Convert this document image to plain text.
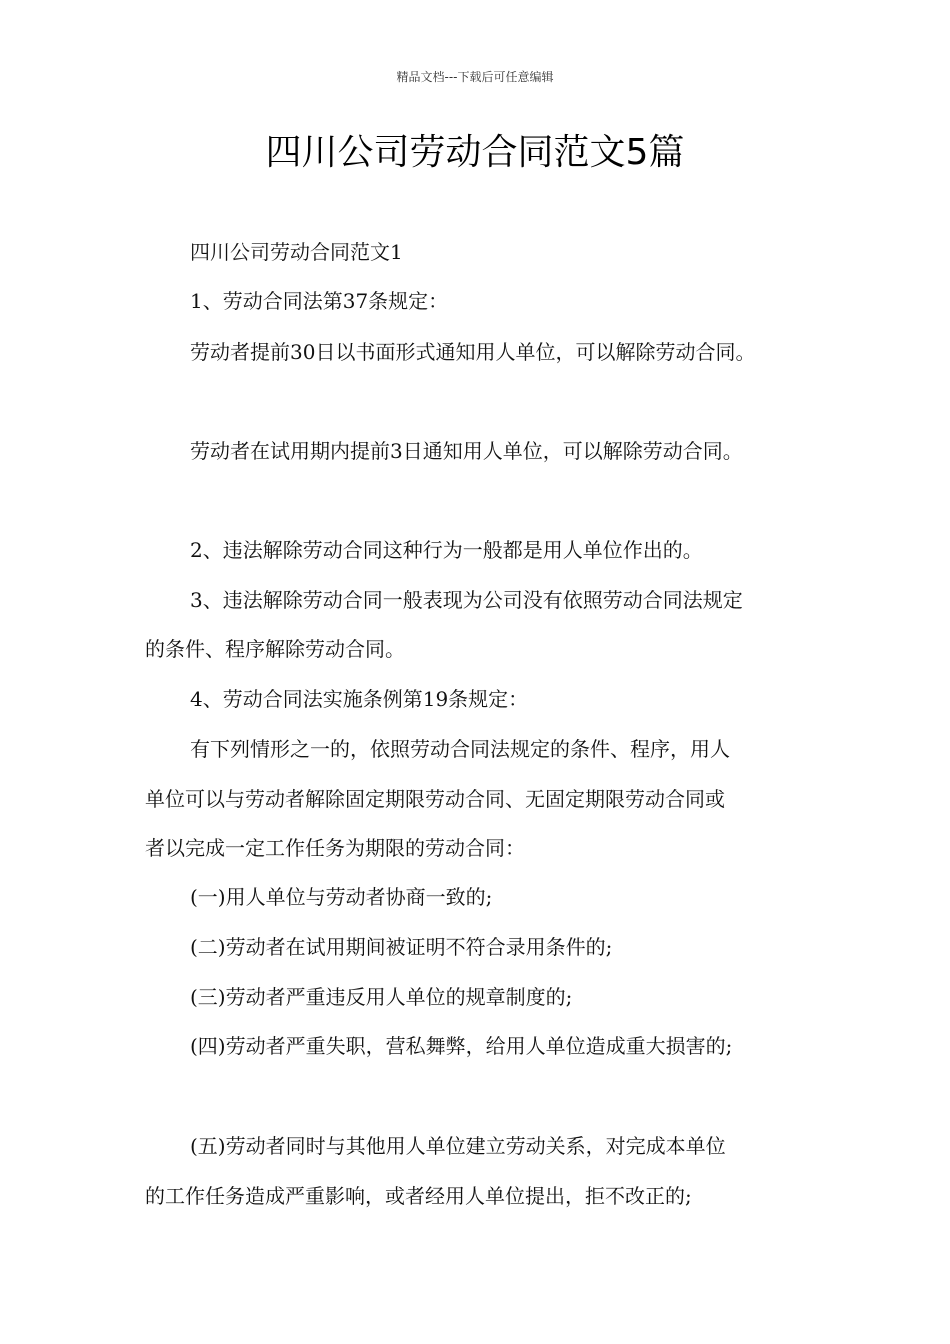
精品文档---下载后可任意编辑
四川公司劳动合同范文5篇
四川公司劳动合同范文1
1、劳动合同法第37条规定：
劳动者提前30日以书面形式通知用人单位，可以解除劳动合同。
劳动者在试用期内提前3日通知用人单位，可以解除劳动合同。
2、违法解除劳动合同这种行为一般都是用人单位作出的。
3、违法解除劳动合同一般表现为公司没有依照劳动合同法规定
的条件、程序解除劳动合同。
4、劳动合同法实施条例第19条规定：
有下列情形之一的，依照劳动合同法规定的条件、程序，用人
单位可以与劳动者解除固定期限劳动合同、无固定期限劳动合同或
者以完成一定工作任务为期限的劳动合同：
(一)用人单位与劳动者协商一致的;
(二)劳动者在试用期间被证明不符合录用条件的;
(三)劳动者严重违反用人单位的规章制度的;
(四)劳动者严重失职，营私舞弊，给用人单位造成重大损害的;
(五)劳动者同时与其他用人单位建立劳动关系，对完成本单位
的工作任务造成严重影响，或者经用人单位提出，拒不改正的;
